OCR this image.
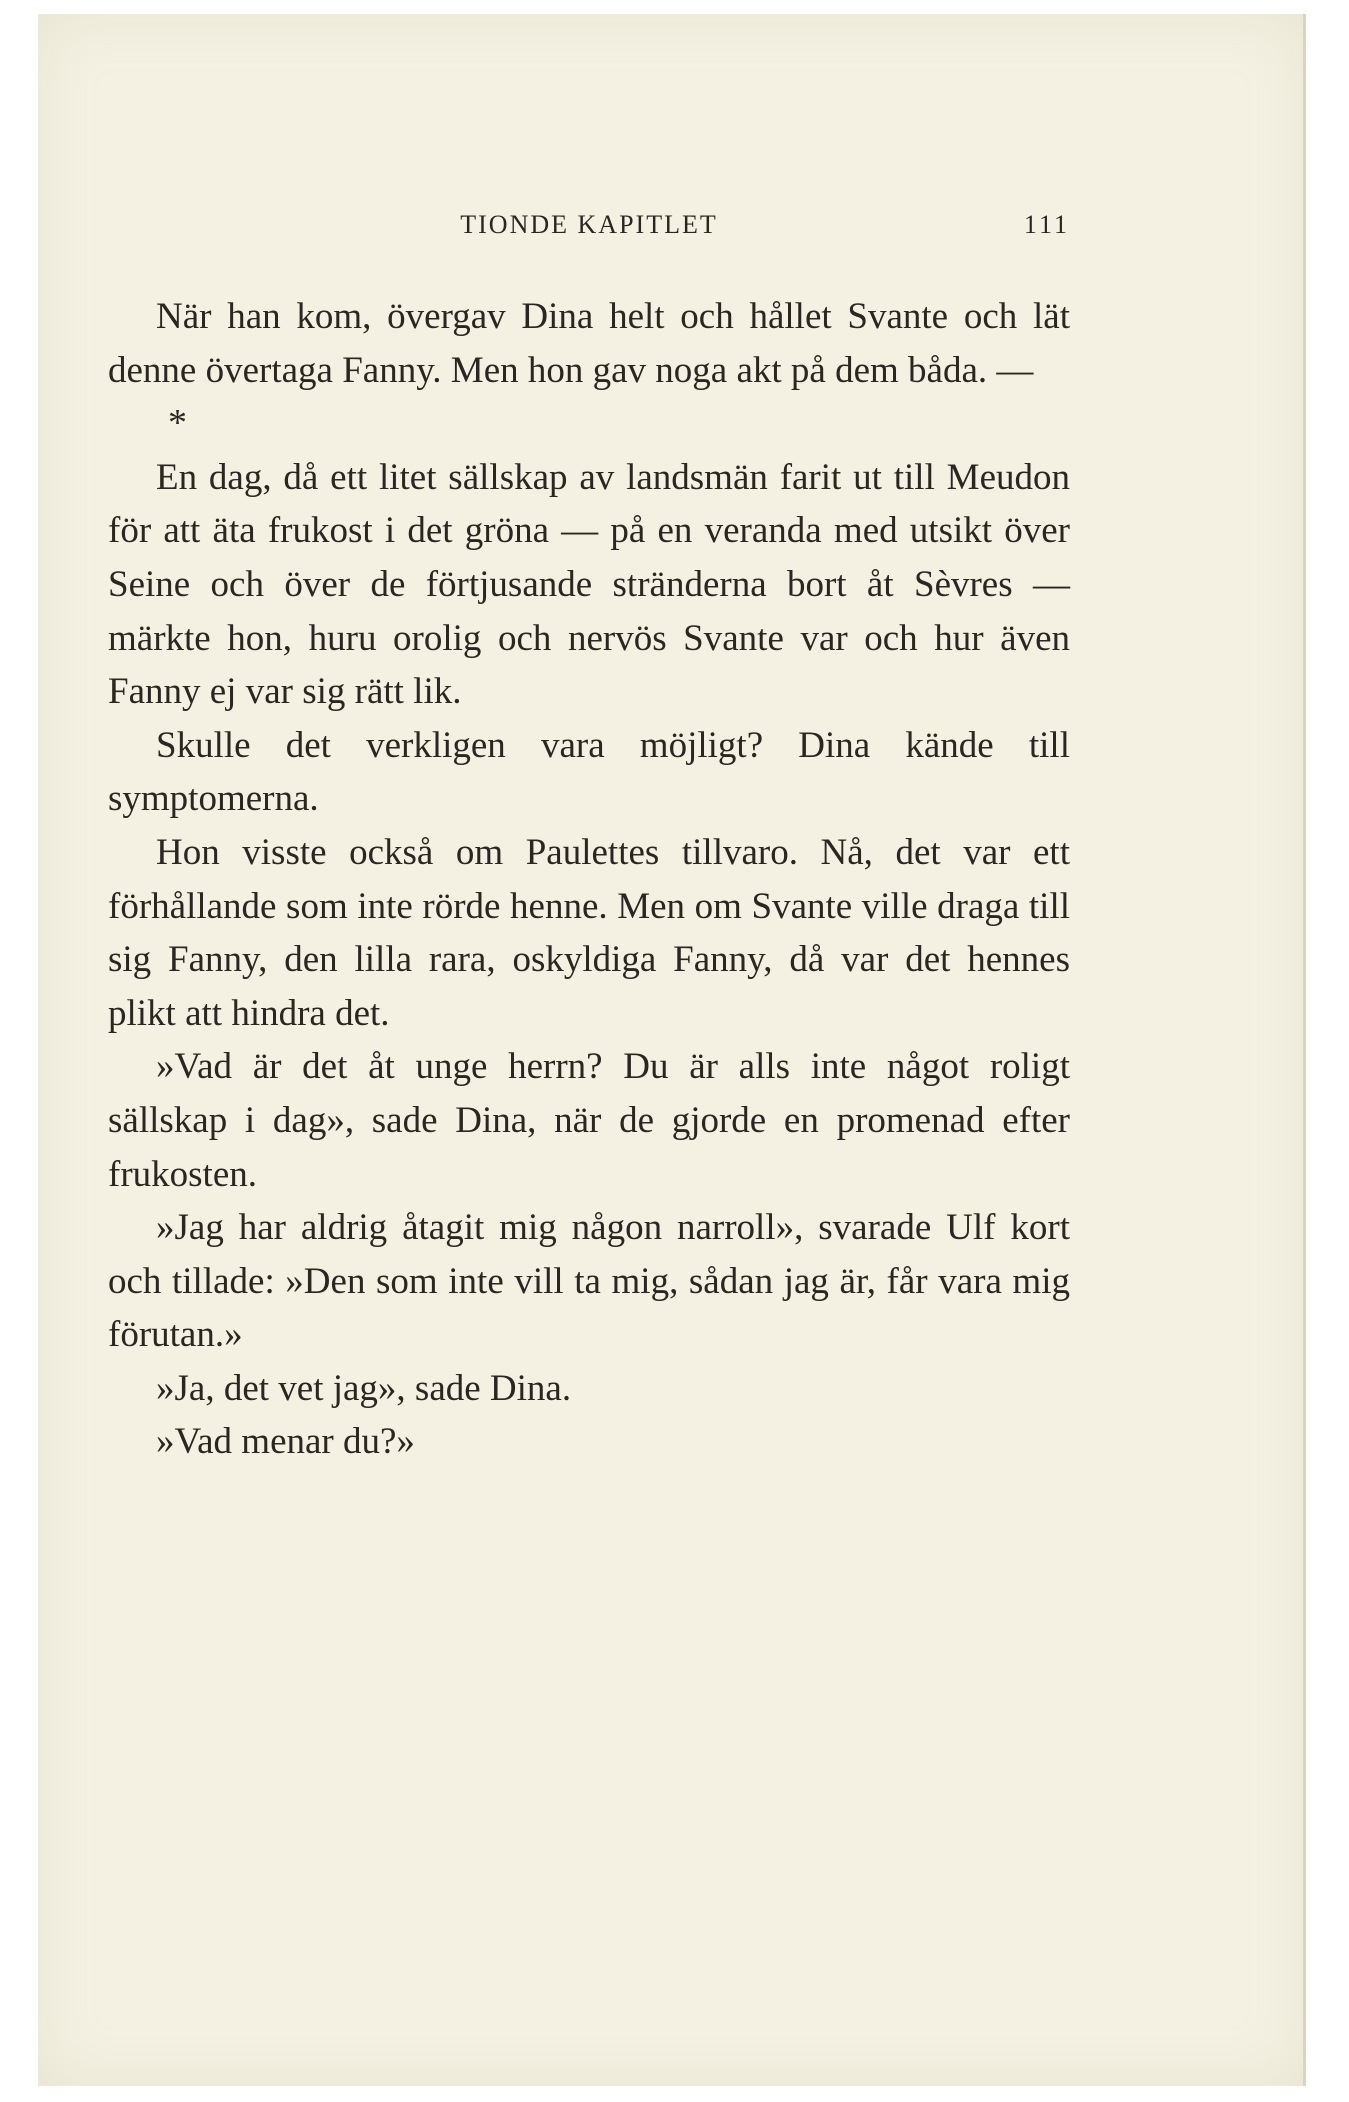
TIONDE KAPITLET	111

När han kom, övergav Dina helt och hållet Svante och lät denne övertaga Fanny. Men hon gav noga akt på dem båda. —

*

En dag, då ett litet sällskap av landsmän farit ut till Meudon för att äta frukost i det gröna — på en veranda med utsikt över Seine och över de förtjusande stränderna bort åt Sèvres — märkte hon, huru orolig och nervös Svante var och hur även Fanny ej var sig rätt lik.

Skulle det verkligen vara möjligt? Dina kände till symptomerna.

Hon visste också om Paulettes tillvaro. Nå, det var ett förhållande som inte rörde henne. Men om Svante ville draga till sig Fanny, den lilla rara, oskyldiga Fanny, då var det hennes plikt att hindra det.

»Vad är det åt unge herrn? Du är alls inte något roligt sällskap i dag», sade Dina, när de gjorde en promenad efter frukosten.

»Jag har aldrig åtagit mig någon narroll», svarade Ulf kort och tillade: »Den som inte vill ta mig, sådan jag är, får vara mig förutan.»

»Ja, det vet jag», sade Dina.

»Vad menar du?»
